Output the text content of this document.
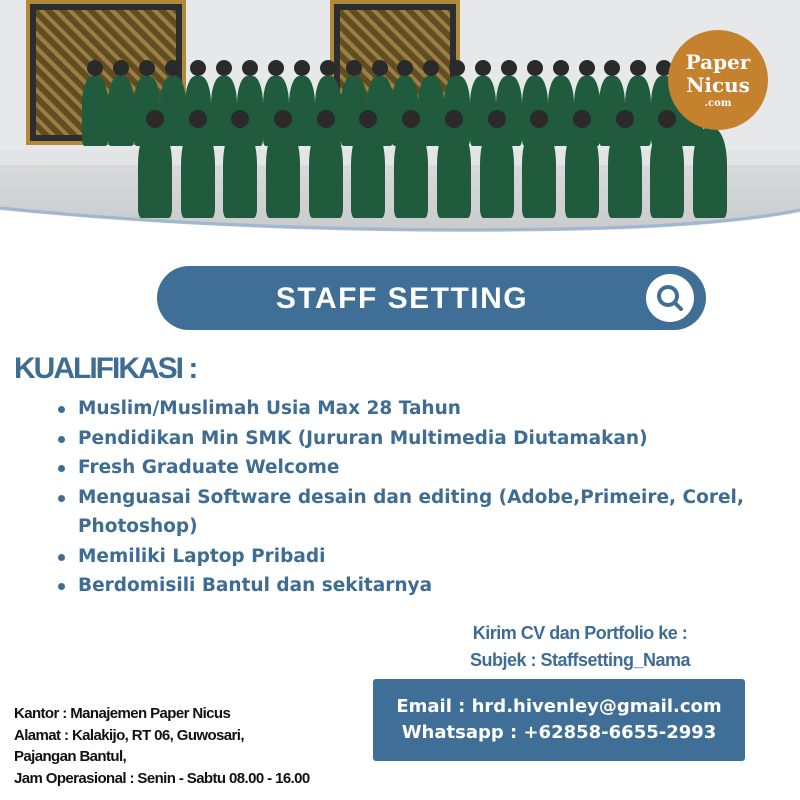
Paper
Nicus
.com
STAFF SETTING
KUALIFIKASI :
Muslim/Muslimah Usia Max 28 Tahun
Pendidikan Min SMK (Jururan Multimedia Diutamakan)
Fresh Graduate Welcome
Menguasai Software desain dan editing (Adobe,Primeire, Corel, Photoshop)
Memiliki Laptop Pribadi
Berdomisili Bantul dan sekitarnya
Kirim CV dan Portfolio ke :
Subjek : Staffsetting_Nama
Email : hrd.hivenley@gmail.com
Whatsapp : +62858-6655-2993
Kantor : Manajemen Paper Nicus
Alamat : Kalakijo, RT 06, Guwosari,
Pajangan Bantul,
Jam Operasional : Senin - Sabtu 08.00 - 16.00
